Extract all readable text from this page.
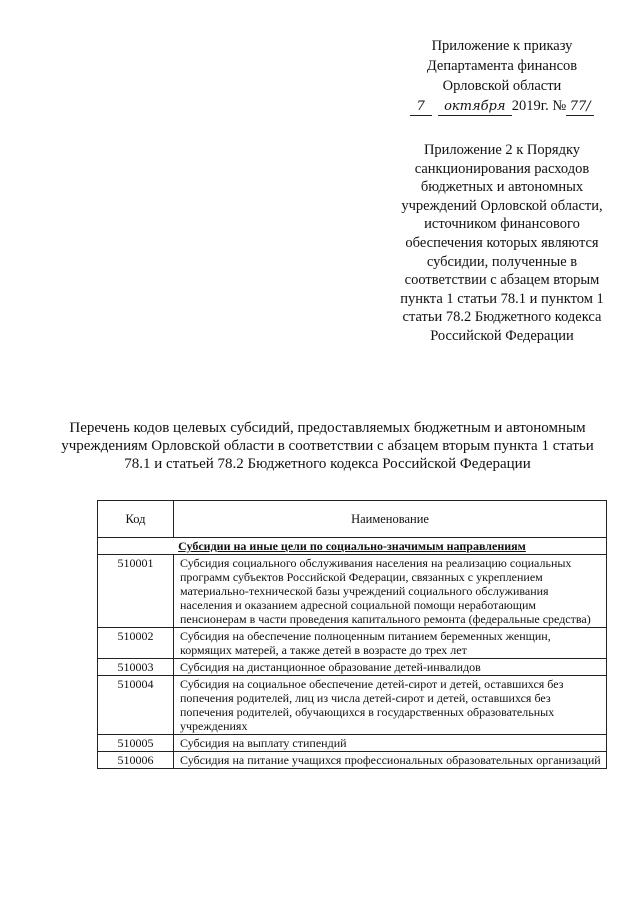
Приложение к приказу
Департамента финансов
Орловской области
7 октября 2019г. № 77/
Приложение 2 к Порядку санкционирования расходов бюджетных и автономных учреждений Орловской области, источником финансового обеспечения которых являются субсидии, полученные в соответствии с абзацем вторым пункта 1 статьи 78.1 и пунктом 1 статьи 78.2 Бюджетного кодекса Российской Федерации
Перечень кодов целевых субсидий, предоставляемых бюджетным и автономным учреждениям Орловской области в соответствии с абзацем вторым пункта 1 статьи 78.1 и статьей 78.2 Бюджетного кодекса Российской Федерации
Код	Наименование
Субсидии на иные цели по социально-значимым направлениям	
510001	Субсидия социального обслуживания населения на реализацию социальных программ субъектов Российской Федерации, связанных с укреплением материально-технической базы учреждений социального обслуживания населения и оказанием адресной социальной помощи неработающим пенсионерам в части проведения капитального ремонта (федеральные средства)
510002	Субсидия на обеспечение полноценным питанием беременных женщин, кормящих матерей, а также детей в возрасте до трех лет
510003	Субсидия на дистанционное образование детей-инвалидов
510004	Субсидия на социальное обеспечение детей-сирот и детей, оставшихся без попечения родителей, лиц из числа детей-сирот и детей, оставшихся без попечения родителей, обучающихся в государственных образовательных учреждениях
510005	Субсидия на выплату стипендий
510006	Субсидия на питание учащихся профессиональных образовательных организаций
